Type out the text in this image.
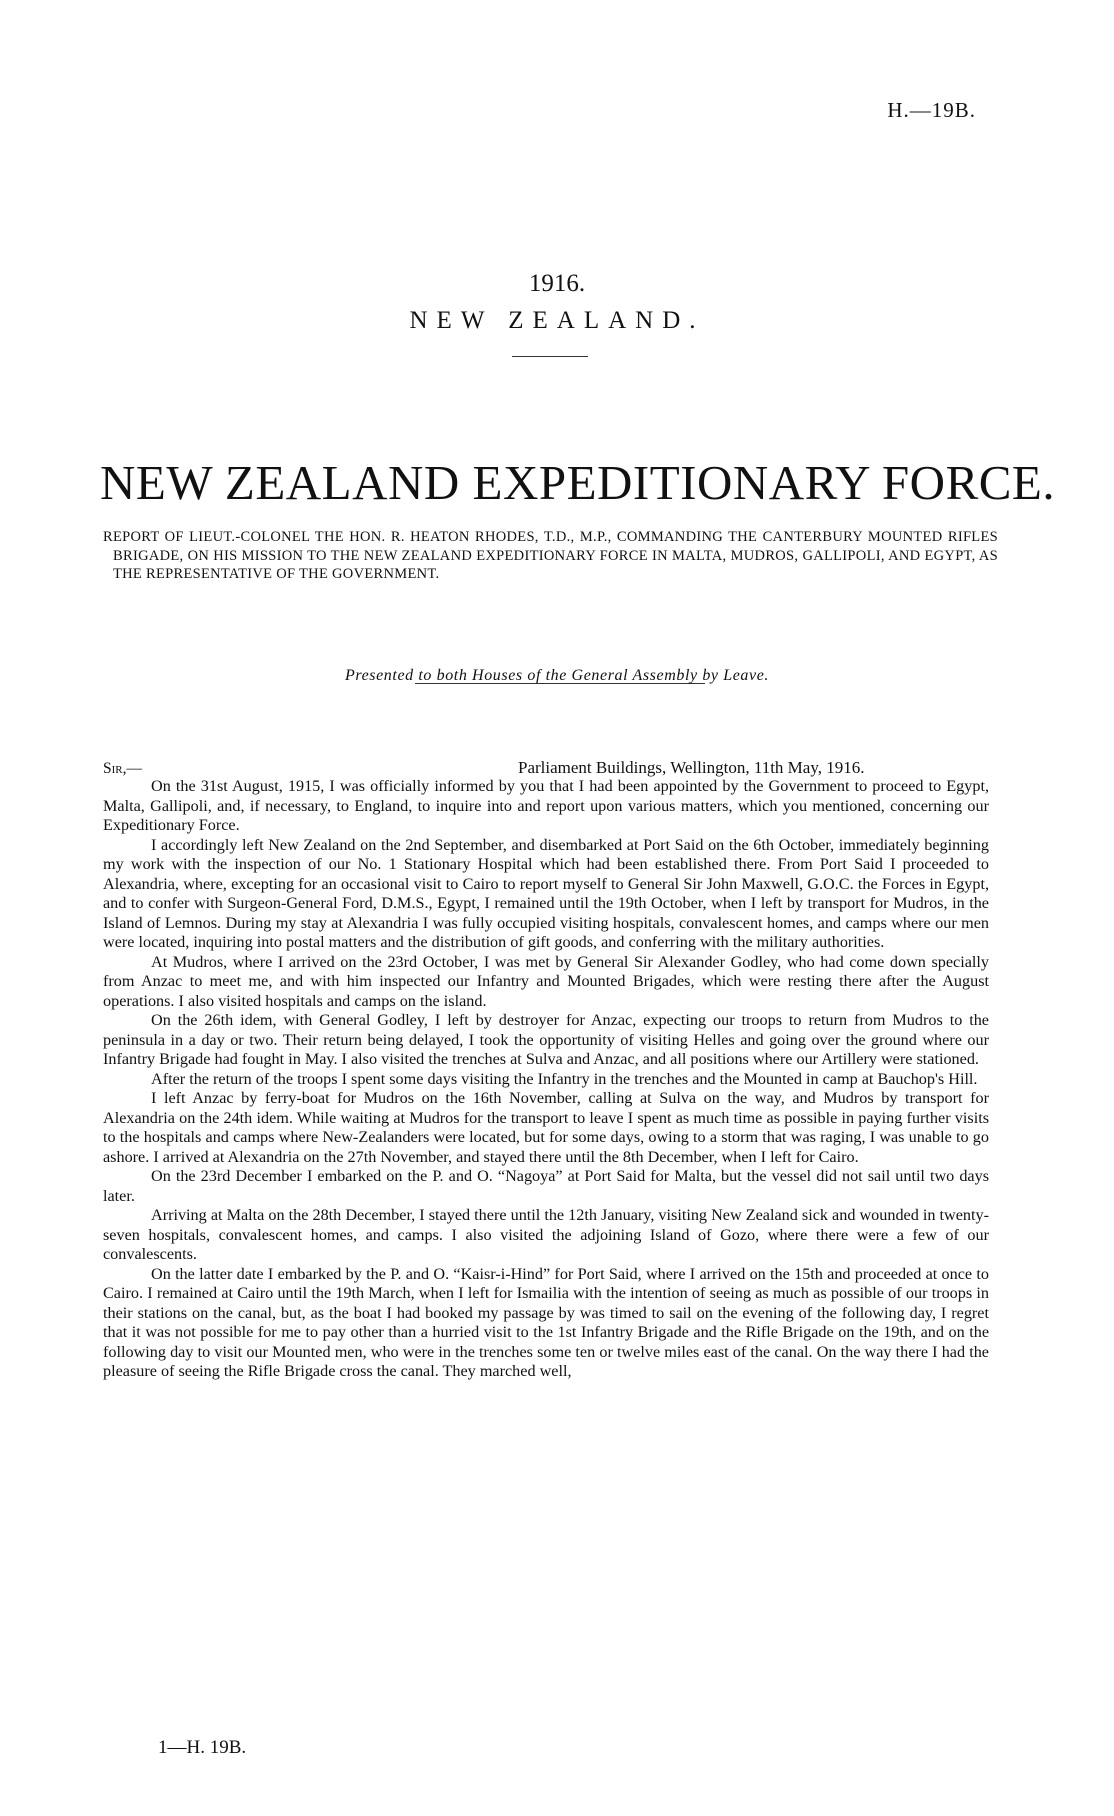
H.—19B.
1916.
NEW ZEALAND.
NEW ZEALAND EXPEDITIONARY FORCE.
REPORT OF LIEUT.-COLONEL THE HON. R. HEATON RHODES, T.D., M.P., COMMANDING THE CANTERBURY MOUNTED RIFLES BRIGADE, ON HIS MISSION TO THE NEW ZEALAND EXPEDITIONARY FORCE IN MALTA, MUDROS, GALLIPOLI, AND EGYPT, AS THE REPRESENTATIVE OF THE GOVERNMENT.
Presented to both Houses of the General Assembly by Leave.
Sir,—	Parliament Buildings, Wellington, 11th May, 1916.

On the 31st August, 1915, I was officially informed by you that I had been appointed by the Government to proceed to Egypt, Malta, Gallipoli, and, if necessary, to England, to inquire into and report upon various matters, which you mentioned, concerning our Expeditionary Force.

I accordingly left New Zealand on the 2nd September, and disembarked at Port Said on the 6th October, immediately beginning my work with the inspection of our No. 1 Stationary Hospital which had been established there. From Port Said I proceeded to Alexandria, where, excepting for an occasional visit to Cairo to report myself to General Sir John Maxwell, G.O.C. the Forces in Egypt, and to confer with Surgeon-General Ford, D.M.S., Egypt, I remained until the 19th October, when I left by transport for Mudros, in the Island of Lemnos. During my stay at Alexandria I was fully occupied visiting hospitals, convalescent homes, and camps where our men were located, inquiring into postal matters and the distribution of gift goods, and conferring with the military authorities.

At Mudros, where I arrived on the 23rd October, I was met by General Sir Alexander Godley, who had come down specially from Anzac to meet me, and with him inspected our Infantry and Mounted Brigades, which were resting there after the August operations. I also visited hospitals and camps on the island.

On the 26th idem, with General Godley, I left by destroyer for Anzac, expecting our troops to return from Mudros to the peninsula in a day or two. Their return being delayed, I took the opportunity of visiting Helles and going over the ground where our Infantry Brigade had fought in May. I also visited the trenches at Sulva and Anzac, and all positions where our Artillery were stationed.

After the return of the troops I spent some days visiting the Infantry in the trenches and the Mounted in camp at Bauchop's Hill.

I left Anzac by ferry-boat for Mudros on the 16th November, calling at Sulva on the way, and Mudros by transport for Alexandria on the 24th idem. While waiting at Mudros for the transport to leave I spent as much time as possible in paying further visits to the hospitals and camps where New-Zealanders were located, but for some days, owing to a storm that was raging, I was unable to go ashore. I arrived at Alexandria on the 27th November, and stayed there until the 8th December, when I left for Cairo.

On the 23rd December I embarked on the P. and O. “Nagoya” at Port Said for Malta, but the vessel did not sail until two days later.

Arriving at Malta on the 28th December, I stayed there until the 12th January, visiting New Zealand sick and wounded in twenty-seven hospitals, convalescent homes, and camps. I also visited the adjoining Island of Gozo, where there were a few of our convalescents.

On the latter date I embarked by the P. and O. “Kaisr-i-Hind” for Port Said, where I arrived on the 15th and proceeded at once to Cairo. I remained at Cairo until the 19th March, when I left for Ismailia with the intention of seeing as much as possible of our troops in their stations on the canal, but, as the boat I had booked my passage by was timed to sail on the evening of the following day, I regret that it was not possible for me to pay other than a hurried visit to the 1st Infantry Brigade and the Rifle Brigade on the 19th, and on the following day to visit our Mounted men, who were in the trenches some ten or twelve miles east of the canal. On the way there I had the pleasure of seeing the Rifle Brigade cross the canal. They marched well,

1—H. 19B.
